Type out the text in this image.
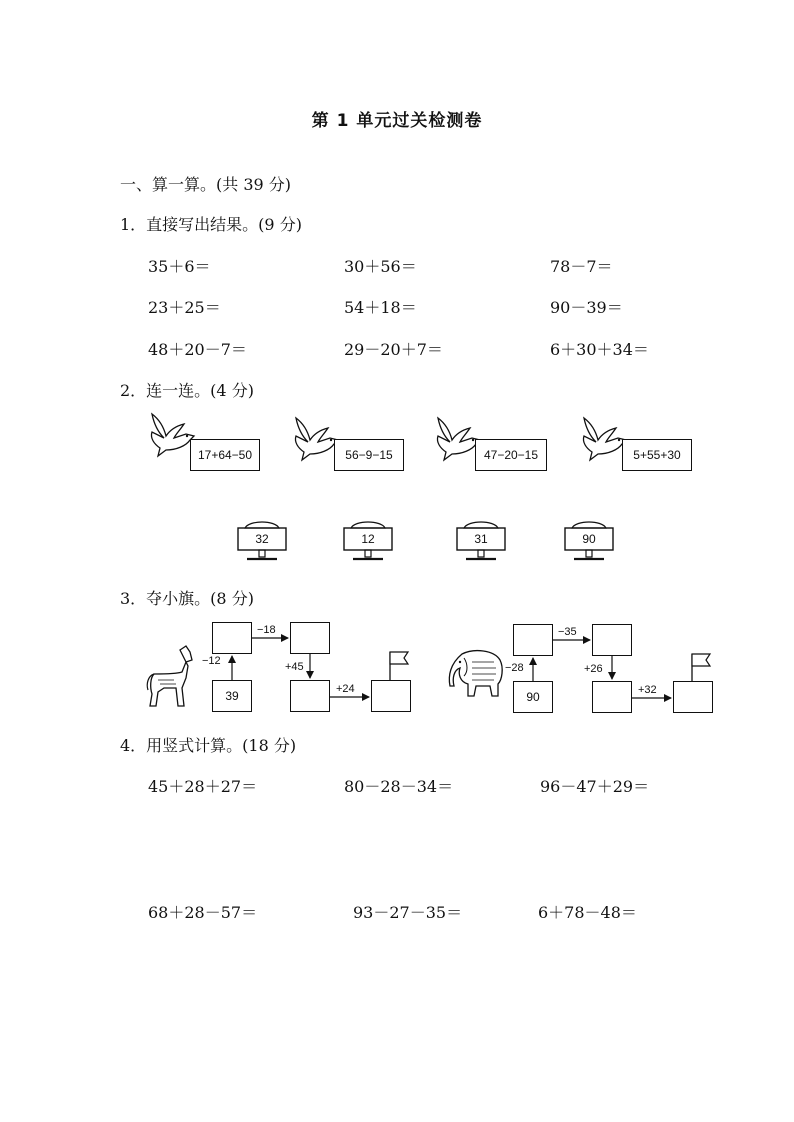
第 1 单元过关检测卷
一、算一算。(共 39 分)
1．直接写出结果。(9 分)
35＋6＝	30＋56＝	78－7＝
23＋25＝	54＋18＝	90－39＝
48＋20－7＝	29－20＋7＝	6＋30＋34＝
2．连一连。(4 分)
17+64−50	56−9−15	47−20−15	5+55+30
32	12	31	90
3．夺小旗。(8 分)
39
−12
−18
+45
+24
90
−28
−35
+26
+32
4．用竖式计算。(18 分)
45＋28＋27＝	80－28－34＝	96－47＋29＝
68＋28－57＝	93－27－35＝	6＋78－48＝
